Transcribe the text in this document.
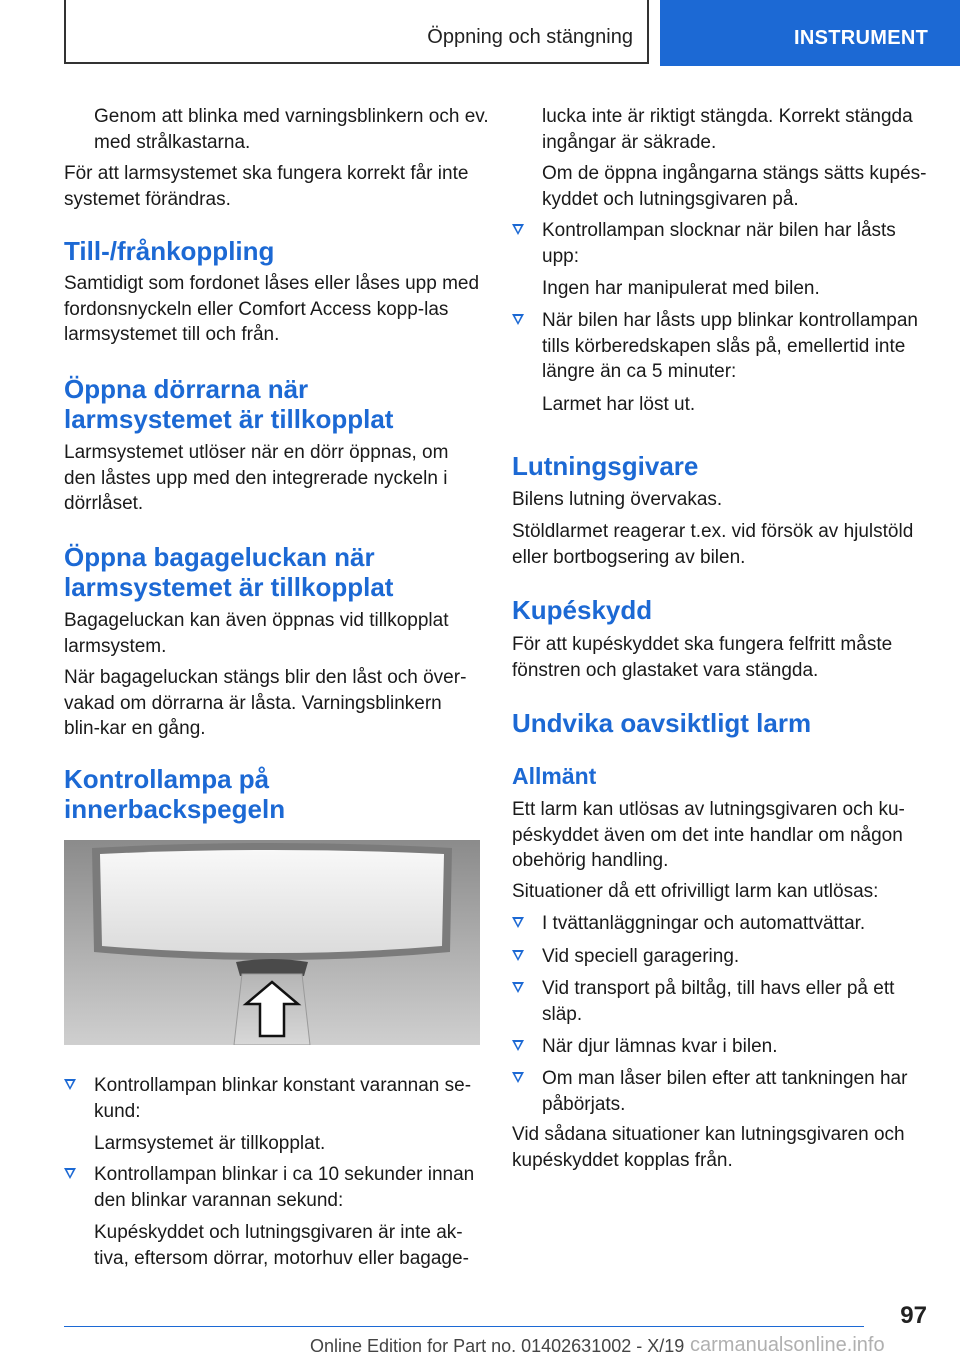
Öppning och stängning	INSTRUMENT

Genom att blinka med varningsblinkern och ev. med strålkastarna.

För att larmsystemet ska fungera korrekt får inte systemet förändras.

Till-/frånkoppling

Samtidigt som fordonet låses eller låses upp med fordonsnyckeln eller Comfort Access kopp-las larmsystemet till och från.

Öppna dörrarna när larmsystemet är tillkopplat

Larmsystemet utlöser när en dörr öppnas, om den låstes upp med den integrerade nyckeln i dörrlåset.

Öppna bagageluckan när larmsystemet är tillkopplat

Bagageluckan kan även öppnas vid tillkopplat larmsystem.

När bagageluckan stängs blir den låst och över-vakad om dörrarna är låsta. Varningsblinkern blin-kar en gång.

Kontrollampa på innerbackspegeln

Kontrollampan blinkar konstant varannan se-kund:

Larmsystemet är tillkopplat.

Kontrollampan blinkar i ca 10 sekunder innan den blinkar varannan sekund:

Kupéskyddet och lutningsgivaren är inte ak-tiva, eftersom dörrar, motorhuv eller bagage-

lucka inte är riktigt stängda. Korrekt stängda ingångar är säkrade.

Om de öppna ingångarna stängs sätts kupés-kyddet och lutningsgivaren på.

Kontrollampan slocknar när bilen har låsts upp:

Ingen har manipulerat med bilen.

När bilen har låsts upp blinkar kontrollampan tills körberedskapen slås på, emellertid inte längre än ca 5 minuter:

Larmet har löst ut.

Lutningsgivare

Bilens lutning övervakas.

Stöldlarmet reagerar t.ex. vid försök av hjulstöld eller bortbogsering av bilen.

Kupéskydd

För att kupéskyddet ska fungera felfritt måste fönstren och glastaket vara stängda.

Undvika oavsiktligt larm
Allmänt

Ett larm kan utlösas av lutningsgivaren och ku-péskyddet även om det inte handlar om någon obehörig handling.

Situationer då ett ofrivilligt larm kan utlösas:

I tvättanläggningar och automattvättar.

Vid speciell garagering.

Vid transport på biltåg, till havs eller på ett släp.

När djur lämnas kvar i bilen.

Om man låser bilen efter att tankningen har påbörjats.

Vid sådana situationer kan lutningsgivaren och kupéskyddet kopplas från.

97
Online Edition for Part no. 01402631002 - X/19 carmanualsonline.info
